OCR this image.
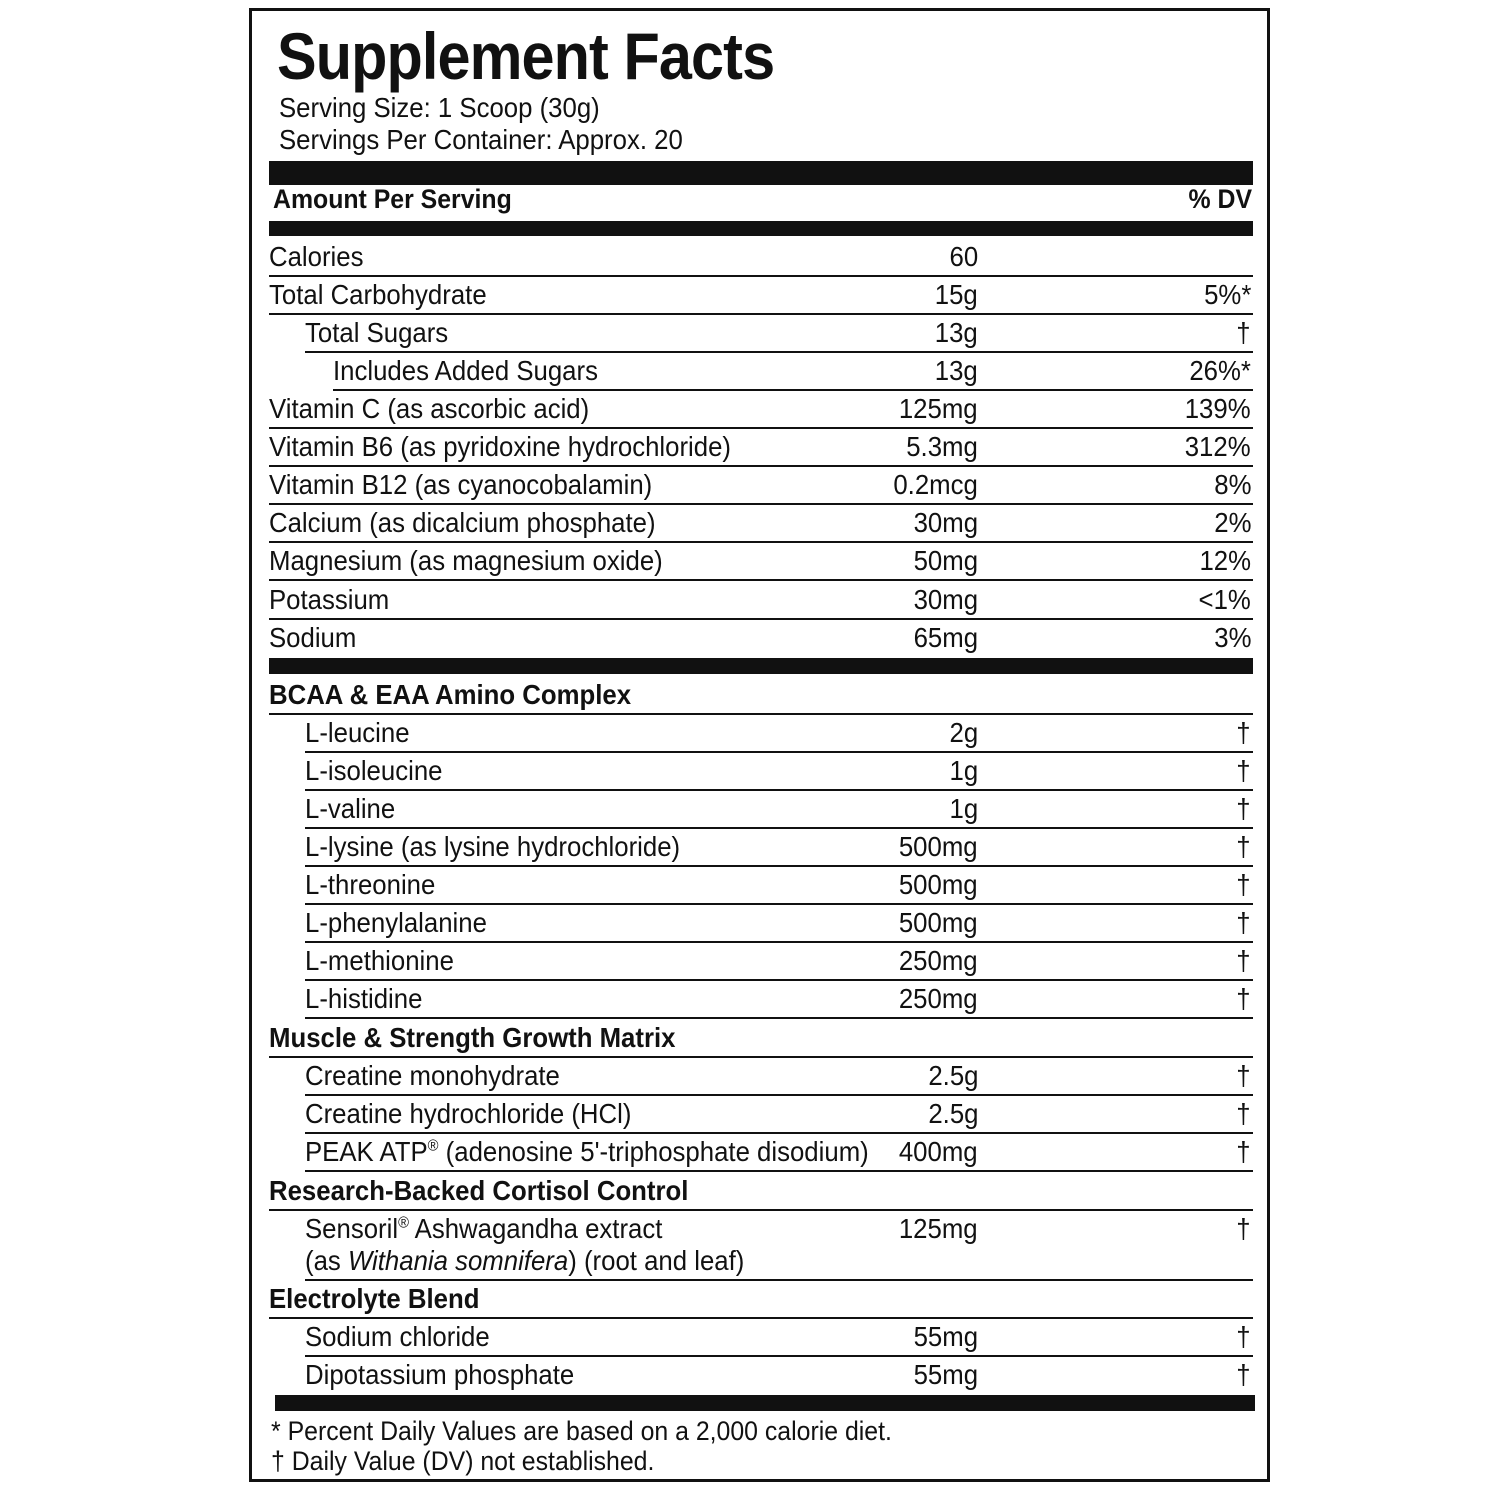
Supplement Facts
Serving Size: 1 Scoop (30g)
Servings Per Container: Approx. 20
Amount Per Serving	% DV
Calories	60
Total Carbohydrate	15g	5%*
Total Sugars	13g	†
Includes Added Sugars	13g	26%*
Vitamin C (as ascorbic acid)	125mg	139%
Vitamin B6 (as pyridoxine hydrochloride)	5.3mg	312%
Vitamin B12 (as cyanocobalamin)	0.2mcg	8%
Calcium (as dicalcium phosphate)	30mg	2%
Magnesium (as magnesium oxide)	50mg	12%
Potassium	30mg	<1%
Sodium	65mg	3%
BCAA & EAA Amino Complex
L-leucine	2g	†
L-isoleucine	1g	†
L-valine	1g	†
L-lysine (as lysine hydrochloride)	500mg	†
L-threonine	500mg	†
L-phenylalanine	500mg	†
L-methionine	250mg	†
L-histidine	250mg	†
Muscle & Strength Growth Matrix
Creatine monohydrate	2.5g	†
Creatine hydrochloride (HCl)	2.5g	†
PEAK ATP® (adenosine 5'-triphosphate disodium) 400mg	†
Research-Backed Cortisol Control
Sensoril® Ashwagandha extract
(as Withania somnifera) (root and leaf)
125mg	†
Electrolyte Blend
Sodium chloride	55mg	†
Dipotassium phosphate	55mg	†
* Percent Daily Values are based on a 2,000 calorie diet.
† Daily Value (DV) not established.
